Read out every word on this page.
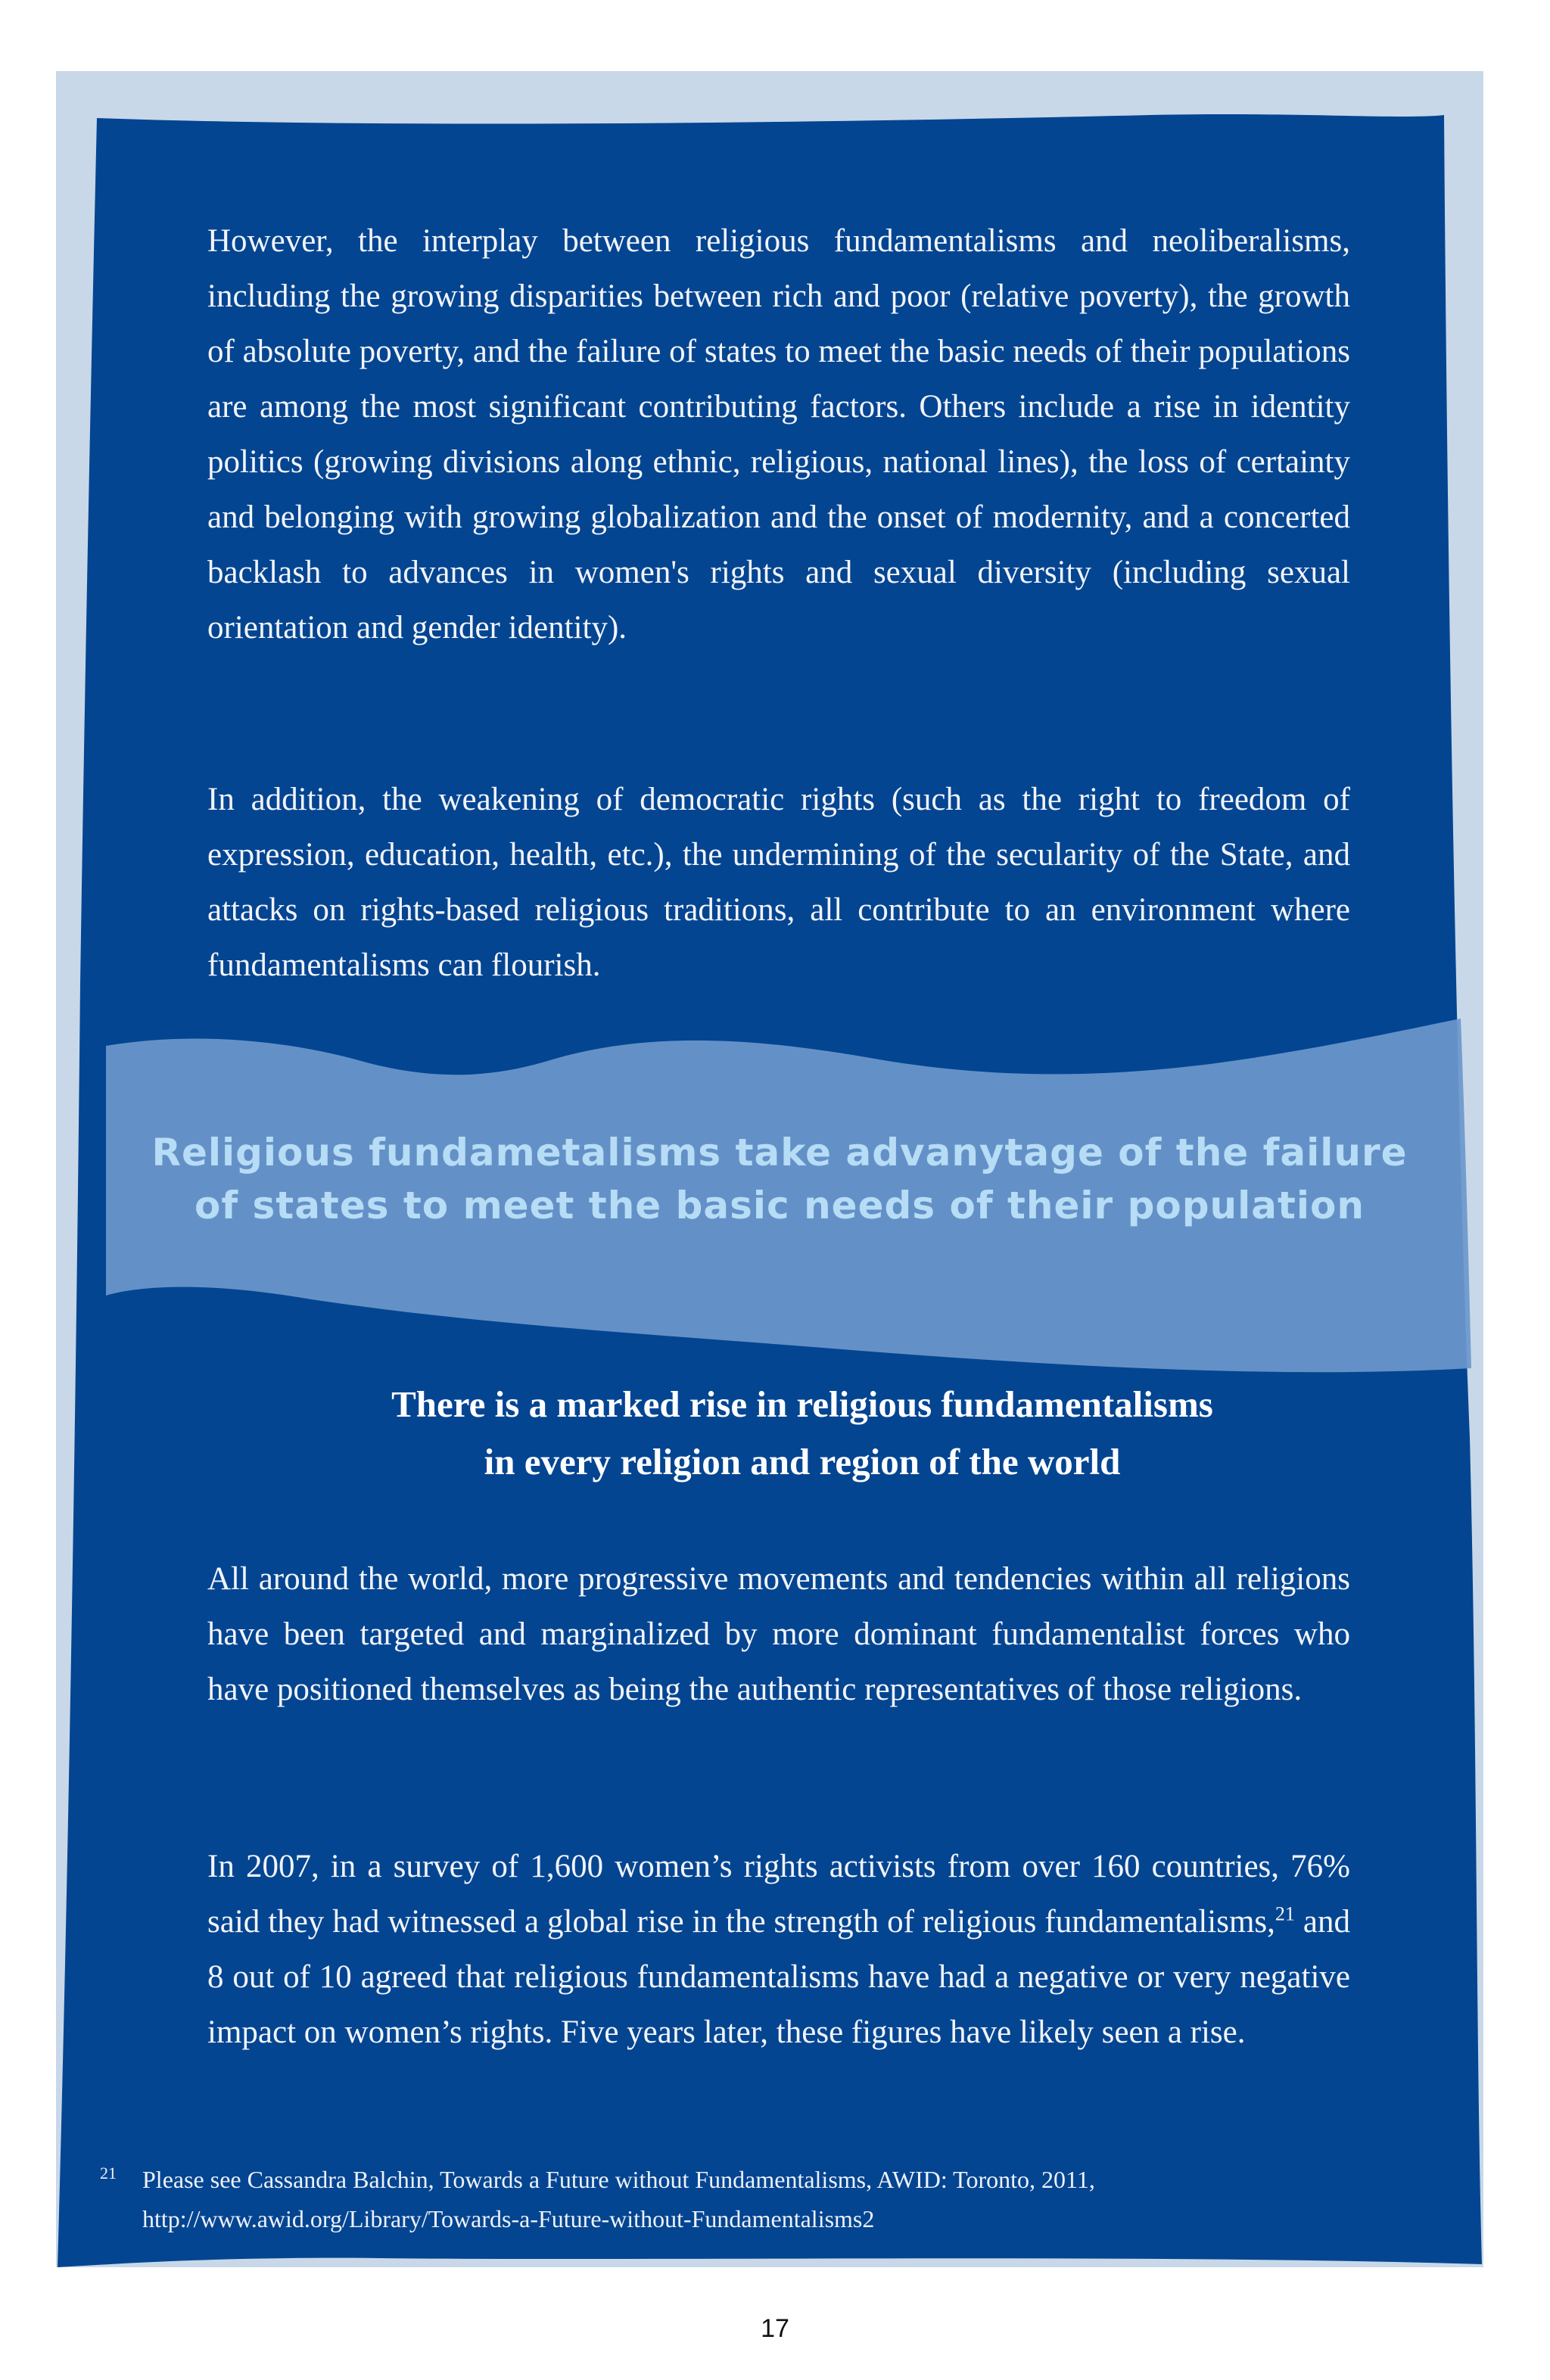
However, the interplay between religious fundamentalisms and neoliberalisms, including the growing disparities between rich and poor (relative poverty), the growth of absolute poverty, and the failure of states to meet the basic needs of their populations are among the most significant contributing factors. Others include a rise in identity politics (growing divisions along ethnic, religious, national lines), the loss of certainty and belonging with growing globalization and the onset of modernity, and a concerted backlash to advances in women's rights and sexual diversity (including sexual orientation and gender identity).

In addition, the weakening of democratic rights (such as the right to freedom of expression, education, health, etc.), the undermining of the secularity of the State, and attacks on rights-based religious traditions, all contribute to an environment where fundamentalisms can flourish.

Religious fundametalisms take advanytage of the failure
of states to meet the basic needs of their population
There is a marked rise in religious fundamentalisms
in every religion and region of the world

All around the world, more progressive movements and tendencies within all religions have been targeted and marginalized by more dominant fundamentalist forces who have positioned themselves as being the authentic representatives of those religions.

In 2007, in a survey of 1,600 women’s rights activists from over 160 countries, 76% said they had witnessed a global rise in the strength of religious fundamentalisms,$^{21}$ and 8 out of 10 agreed that religious fundamentalisms have had a negative or very negative impact on women’s rights. Five years later, these figures have likely seen a rise.

21 Please see Cassandra Balchin, Towards a Future without Fundamentalisms, AWID: Toronto, 2011, http://www.awid.org/Library/Towards-a-Future-without-Fundamentalisms2
17
